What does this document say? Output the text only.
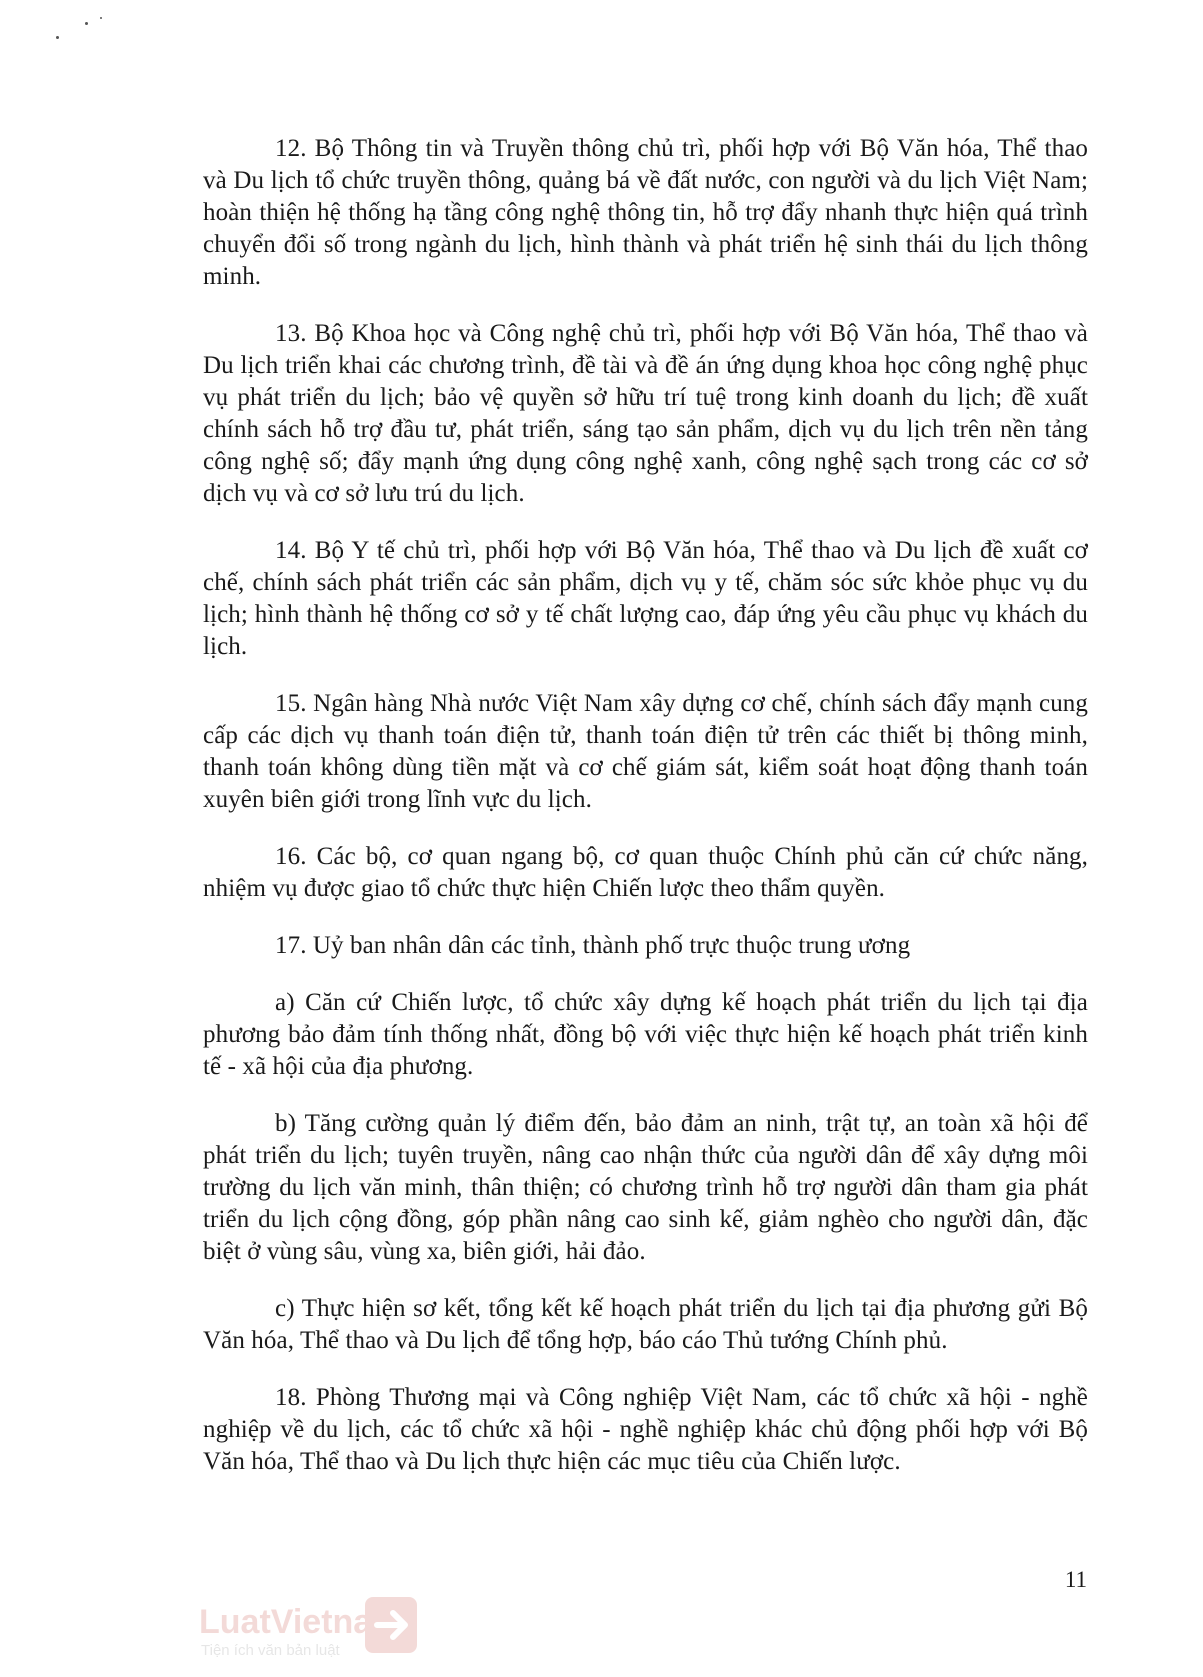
12. Bộ Thông tin và Truyền thông chủ trì, phối hợp với Bộ Văn hóa, Thể thao và Du lịch tổ chức truyền thông, quảng bá về đất nước, con người và du lịch Việt Nam; hoàn thiện hệ thống hạ tầng công nghệ thông tin, hỗ trợ đẩy nhanh thực hiện quá trình chuyển đổi số trong ngành du lịch, hình thành và phát triển hệ sinh thái du lịch thông minh.

13. Bộ Khoa học và Công nghệ chủ trì, phối hợp với Bộ Văn hóa, Thể thao và Du lịch triển khai các chương trình, đề tài và đề án ứng dụng khoa học công nghệ phục vụ phát triển du lịch; bảo vệ quyền sở hữu trí tuệ trong kinh doanh du lịch; đề xuất chính sách hỗ trợ đầu tư, phát triển, sáng tạo sản phẩm, dịch vụ du lịch trên nền tảng công nghệ số; đẩy mạnh ứng dụng công nghệ xanh, công nghệ sạch trong các cơ sở dịch vụ và cơ sở lưu trú du lịch.

14. Bộ Y tế chủ trì, phối hợp với Bộ Văn hóa, Thể thao và Du lịch đề xuất cơ chế, chính sách phát triển các sản phẩm, dịch vụ y tế, chăm sóc sức khỏe phục vụ du lịch; hình thành hệ thống cơ sở y tế chất lượng cao, đáp ứng yêu cầu phục vụ khách du lịch.

15. Ngân hàng Nhà nước Việt Nam xây dựng cơ chế, chính sách đẩy mạnh cung cấp các dịch vụ thanh toán điện tử, thanh toán điện tử trên các thiết bị thông minh, thanh toán không dùng tiền mặt và cơ chế giám sát, kiểm soát hoạt động thanh toán xuyên biên giới trong lĩnh vực du lịch.

16. Các bộ, cơ quan ngang bộ, cơ quan thuộc Chính phủ căn cứ chức năng, nhiệm vụ được giao tổ chức thực hiện Chiến lược theo thẩm quyền.

17. Uỷ ban nhân dân các tỉnh, thành phố trực thuộc trung ương

a) Căn cứ Chiến lược, tổ chức xây dựng kế hoạch phát triển du lịch tại địa phương bảo đảm tính thống nhất, đồng bộ với việc thực hiện kế hoạch phát triển kinh tế - xã hội của địa phương.

b) Tăng cường quản lý điểm đến, bảo đảm an ninh, trật tự, an toàn xã hội để phát triển du lịch; tuyên truyền, nâng cao nhận thức của người dân để xây dựng môi trường du lịch văn minh, thân thiện; có chương trình hỗ trợ người dân tham gia phát triển du lịch cộng đồng, góp phần nâng cao sinh kế, giảm nghèo cho người dân, đặc biệt ở vùng sâu, vùng xa, biên giới, hải đảo.

c) Thực hiện sơ kết, tổng kết kế hoạch phát triển du lịch tại địa phương gửi Bộ Văn hóa, Thể thao và Du lịch để tổng hợp, báo cáo Thủ tướng Chính phủ.

18. Phòng Thương mại và Công nghiệp Việt Nam, các tổ chức xã hội - nghề nghiệp về du lịch, các tổ chức xã hội - nghề nghiệp khác chủ động phối hợp với Bộ Văn hóa, Thể thao và Du lịch thực hiện các mục tiêu của Chiến lược.

11
LuatVietnam
Tiện ích văn bản luật
